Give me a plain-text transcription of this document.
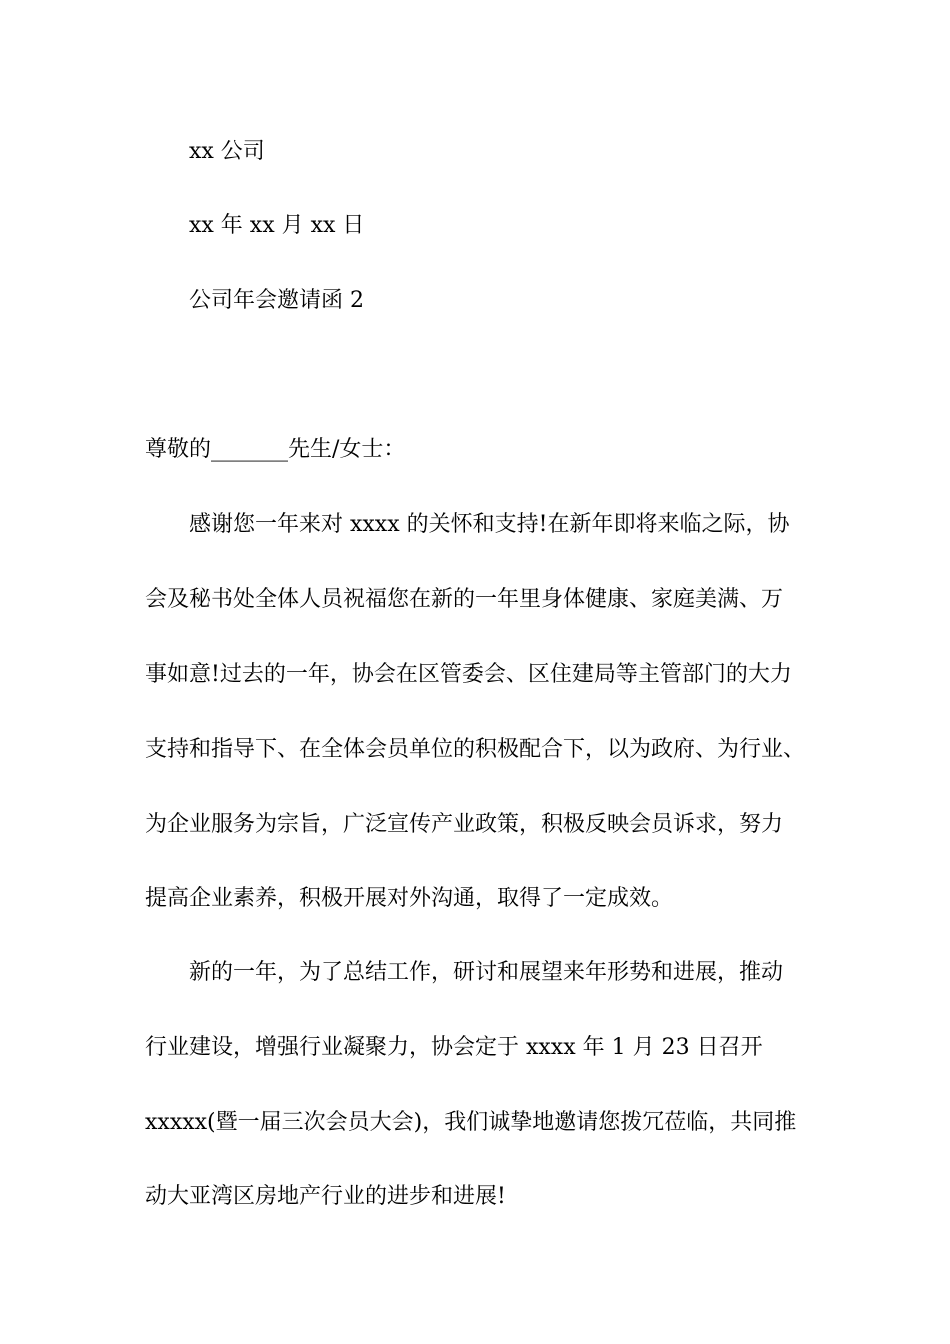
xx 公司
xx 年 xx 月 xx 日
公司年会邀请函 2
尊敬的_______先生/女士：
感谢您一年来对 xxxx 的关怀和支持!在新年即将来临之际，协
会及秘书处全体人员祝福您在新的一年里身体健康、家庭美满、万
事如意!过去的一年，协会在区管委会、区住建局等主管部门的大力
支持和指导下、在全体会员单位的积极配合下，以为政府、为行业、
为企业服务为宗旨，广泛宣传产业政策，积极反映会员诉求，努力
提高企业素养，积极开展对外沟通，取得了一定成效。
新的一年，为了总结工作，研讨和展望来年形势和进展，推动
行业建设，增强行业凝聚力，协会定于 xxxx 年 1 月 23 日召开
xxxxx(暨一届三次会员大会)，我们诚挚地邀请您拨冗莅临，共同推
动大亚湾区房地产行业的进步和进展!
